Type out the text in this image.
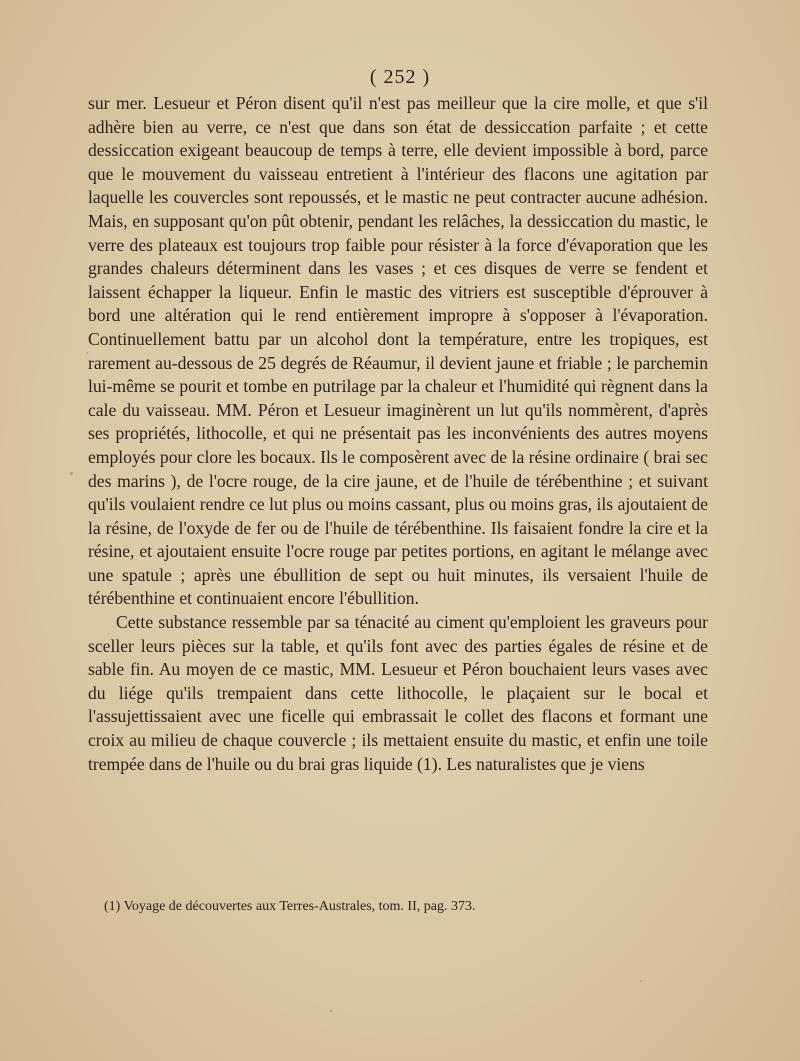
( 252 )

sur mer. Lesueur et Péron disent qu'il n'est pas meilleur que la cire molle, et que s'il adhère bien au verre, ce n'est que dans son état de dessiccation parfaite ; et cette dessiccation exigeant beaucoup de temps à terre, elle devient impossible à bord, parce que le mouvement du vaisseau entretient à l'intérieur des flacons une agitation par laquelle les couvercles sont repoussés, et le mastic ne peut contracter aucune adhésion. Mais, en supposant qu'on pût obtenir, pendant les relâches, la dessiccation du mastic, le verre des plateaux est toujours trop faible pour résister à la force d'évaporation que les grandes chaleurs déterminent dans les vases ; et ces disques de verre se fendent et laissent échapper la liqueur. Enfin le mastic des vitriers est susceptible d'éprouver à bord une altération qui le rend entièrement impropre à s'opposer à l'évaporation. Continuellement battu par un alcohol dont la température, entre les tropiques, est rarement au-dessous de 25 degrés de Réaumur, il devient jaune et friable ; le parchemin lui-même se pourit et tombe en putrilage par la chaleur et l'humidité qui règnent dans la cale du vaisseau. MM. Péron et Lesueur imaginèrent un lut qu'ils nommèrent, d'après ses propriétés, lithocolle, et qui ne présentait pas les inconvénients des autres moyens employés pour clore les bocaux. Ils le composèrent avec de la résine ordinaire ( brai sec des marins ), de l'ocre rouge, de la cire jaune, et de l'huile de térébenthine ; et suivant qu'ils voulaient rendre ce lut plus ou moins cassant, plus ou moins gras, ils ajoutaient de la résine, de l'oxyde de fer ou de l'huile de térébenthine. Ils faisaient fondre la cire et la résine, et ajoutaient ensuite l'ocre rouge par petites portions, en agitant le mélange avec une spatule ; après une ébullition de sept ou huit minutes, ils versaient l'huile de térébenthine et continuaient encore l'ébullition.

Cette substance ressemble par sa ténacité au ciment qu'emploient les graveurs pour sceller leurs pièces sur la table, et qu'ils font avec des parties égales de résine et de sable fin. Au moyen de ce mastic, MM. Lesueur et Péron bouchaient leurs vases avec du liége qu'ils trempaient dans cette lithocolle, le plaçaient sur le bocal et l'assujettissaient avec une ficelle qui embrassait le collet des flacons et formant une croix au milieu de chaque couvercle ; ils mettaient ensuite du mastic, et enfin une toile trempée dans de l'huile ou du brai gras liquide (1). Les naturalistes que je viens

(1) Voyage de découvertes aux Terres-Australes, tom. II, pag. 373.
